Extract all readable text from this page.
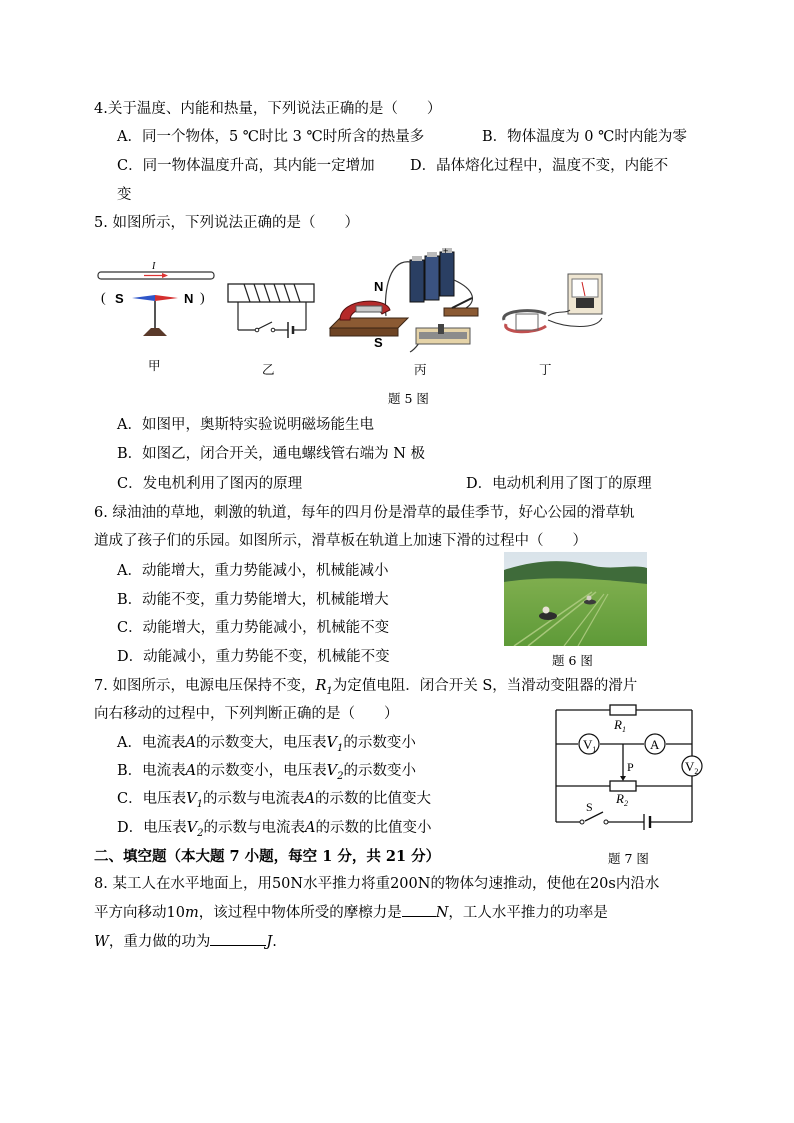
4.关于温度、内能和热量，下列说法正确的是（　　）
A．同一个物体，5 ℃时比 3 ℃时所含的热量多	B．物体温度为 0 ℃时内能为零
C．同一物体温度升高，其内能一定增加 D．晶体熔化过程中，温度不变，内能不
变
5. 如图所示，下列说法正确的是（　　）
I
( S	N )
甲	乙
+
N
S
丙	丁
题 5 图
A．如图甲，奥斯特实验说明磁场能生电
B．如图乙，闭合开关，通电螺线管右端为 N 极
C．发电机利用了图丙的原理	D．电动机利用了图丁的原理
6. 绿油油的草地，刺激的轨道，每年的四月份是滑草的最佳季节，好心公园的滑草轨
道成了孩子们的乐园。如图所示，滑草板在轨道上加速下滑的过程中（　　）
A．动能增大，重力势能减小，机械能减小
B．动能不变，重力势能增大，机械能增大
C．动能增大，重力势能减小，机械能不变
D．动能减小，重力势能不变，机械能不变	题 6 图
7. 如图所示，电源电压保持不变，$R_1$为定值电阻．闭合开关 S，当滑动变阻器的滑片
向右移动的过程中，下列判断正确的是（　　）
A．电流表A的示数变大，电压表$V_1$的示数变小
B．电流表A的示数变小，电压表$V_2$的示数变小
C．电压表$V_1$的示数与电流表A的示数的比值变大
D．电压表$V_2$的示数与电流表A的示数的比值变小
$V_1$	A
$V_2$
$R_1$
$R_2$
P
S
二、填空题（本大题 7 小题，每空 1 分，共 21 分）	题 7 图
8. 某工人在水平地面上，用50N水平推力将重200N的物体匀速推动，使他在20s内沿水
平方向移动10m，该过程中物体所受的摩檫力是 N，工人水平推力的功率是
W，重力做的功为	J.
